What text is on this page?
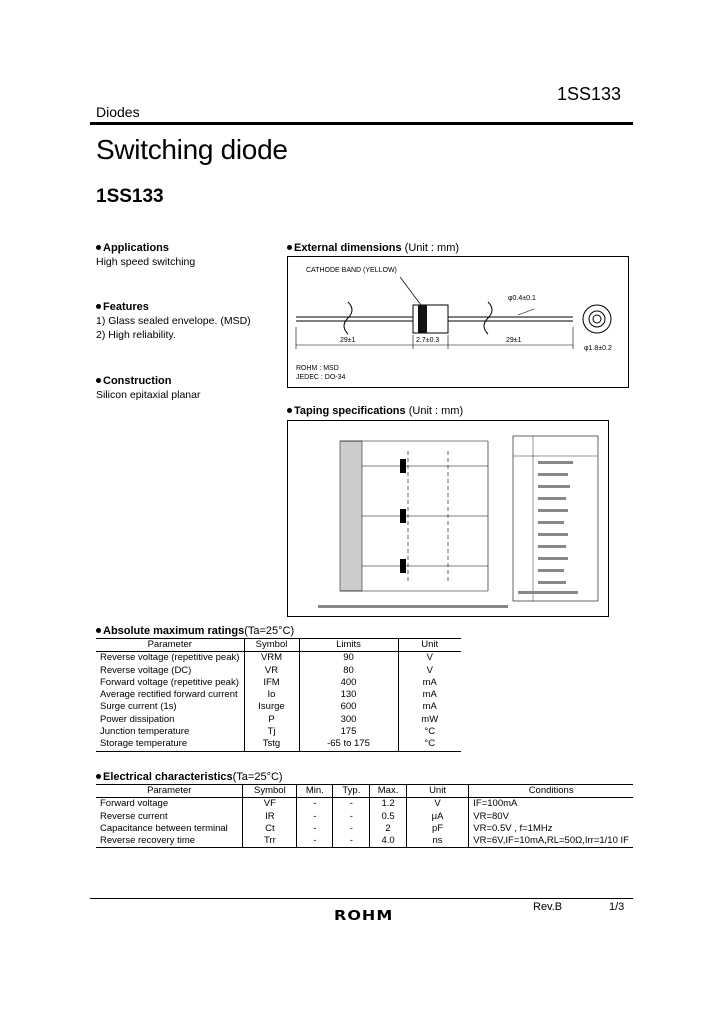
Diodes
1SS133
Switching diode
1SS133
Applications
High speed switching
Features
1) Glass sealed envelope. (MSD)
2) High reliability.
Construction
Silicon epitaxial planar
External dimensions (Unit : mm)
CATHODE BAND (YELLOW)
29±1	2.7±0.3	29±1
φ0.4±0.1
φ1.8±0.2
ROHM : MSD
JEDEC : DO-34
Taping specifications (Unit : mm)
Absolute maximum ratings(Ta=25°C)
Parameter	Symbol	Limits	Unit
Reverse voltage (repetitive peak)	VRM	90	V
Reverse voltage (DC)	VR	80	V
Forward voltage (repetitive peak)	IFM	400	mA
Average rectified forward current	Io	130	mA
Surge current (1s)	Isurge	600	mA
Power dissipation	P	300	mW
Junction temperature	Tj	175	°C
Storage temperature	Tstg	-65 to 175	°C
Electrical characteristics(Ta=25°C)
Parameter	Symbol	Min.	Typ.	Max.	Unit	Conditions
Forward voltage	VF	-	-	1.2	V	IF=100mA
Reverse current	IR	-	-	0.5	μA	VR=80V
Capacitance between terminal	Ct	-	-	2	pF	VR=0.5V , f=1MHz
Reverse recovery time	Trr	-	-	4.0	ns	VR=6V,IF=10mA,RL=50Ω,Irr=1/10 IF
Rev.B	1/3
ROHM
